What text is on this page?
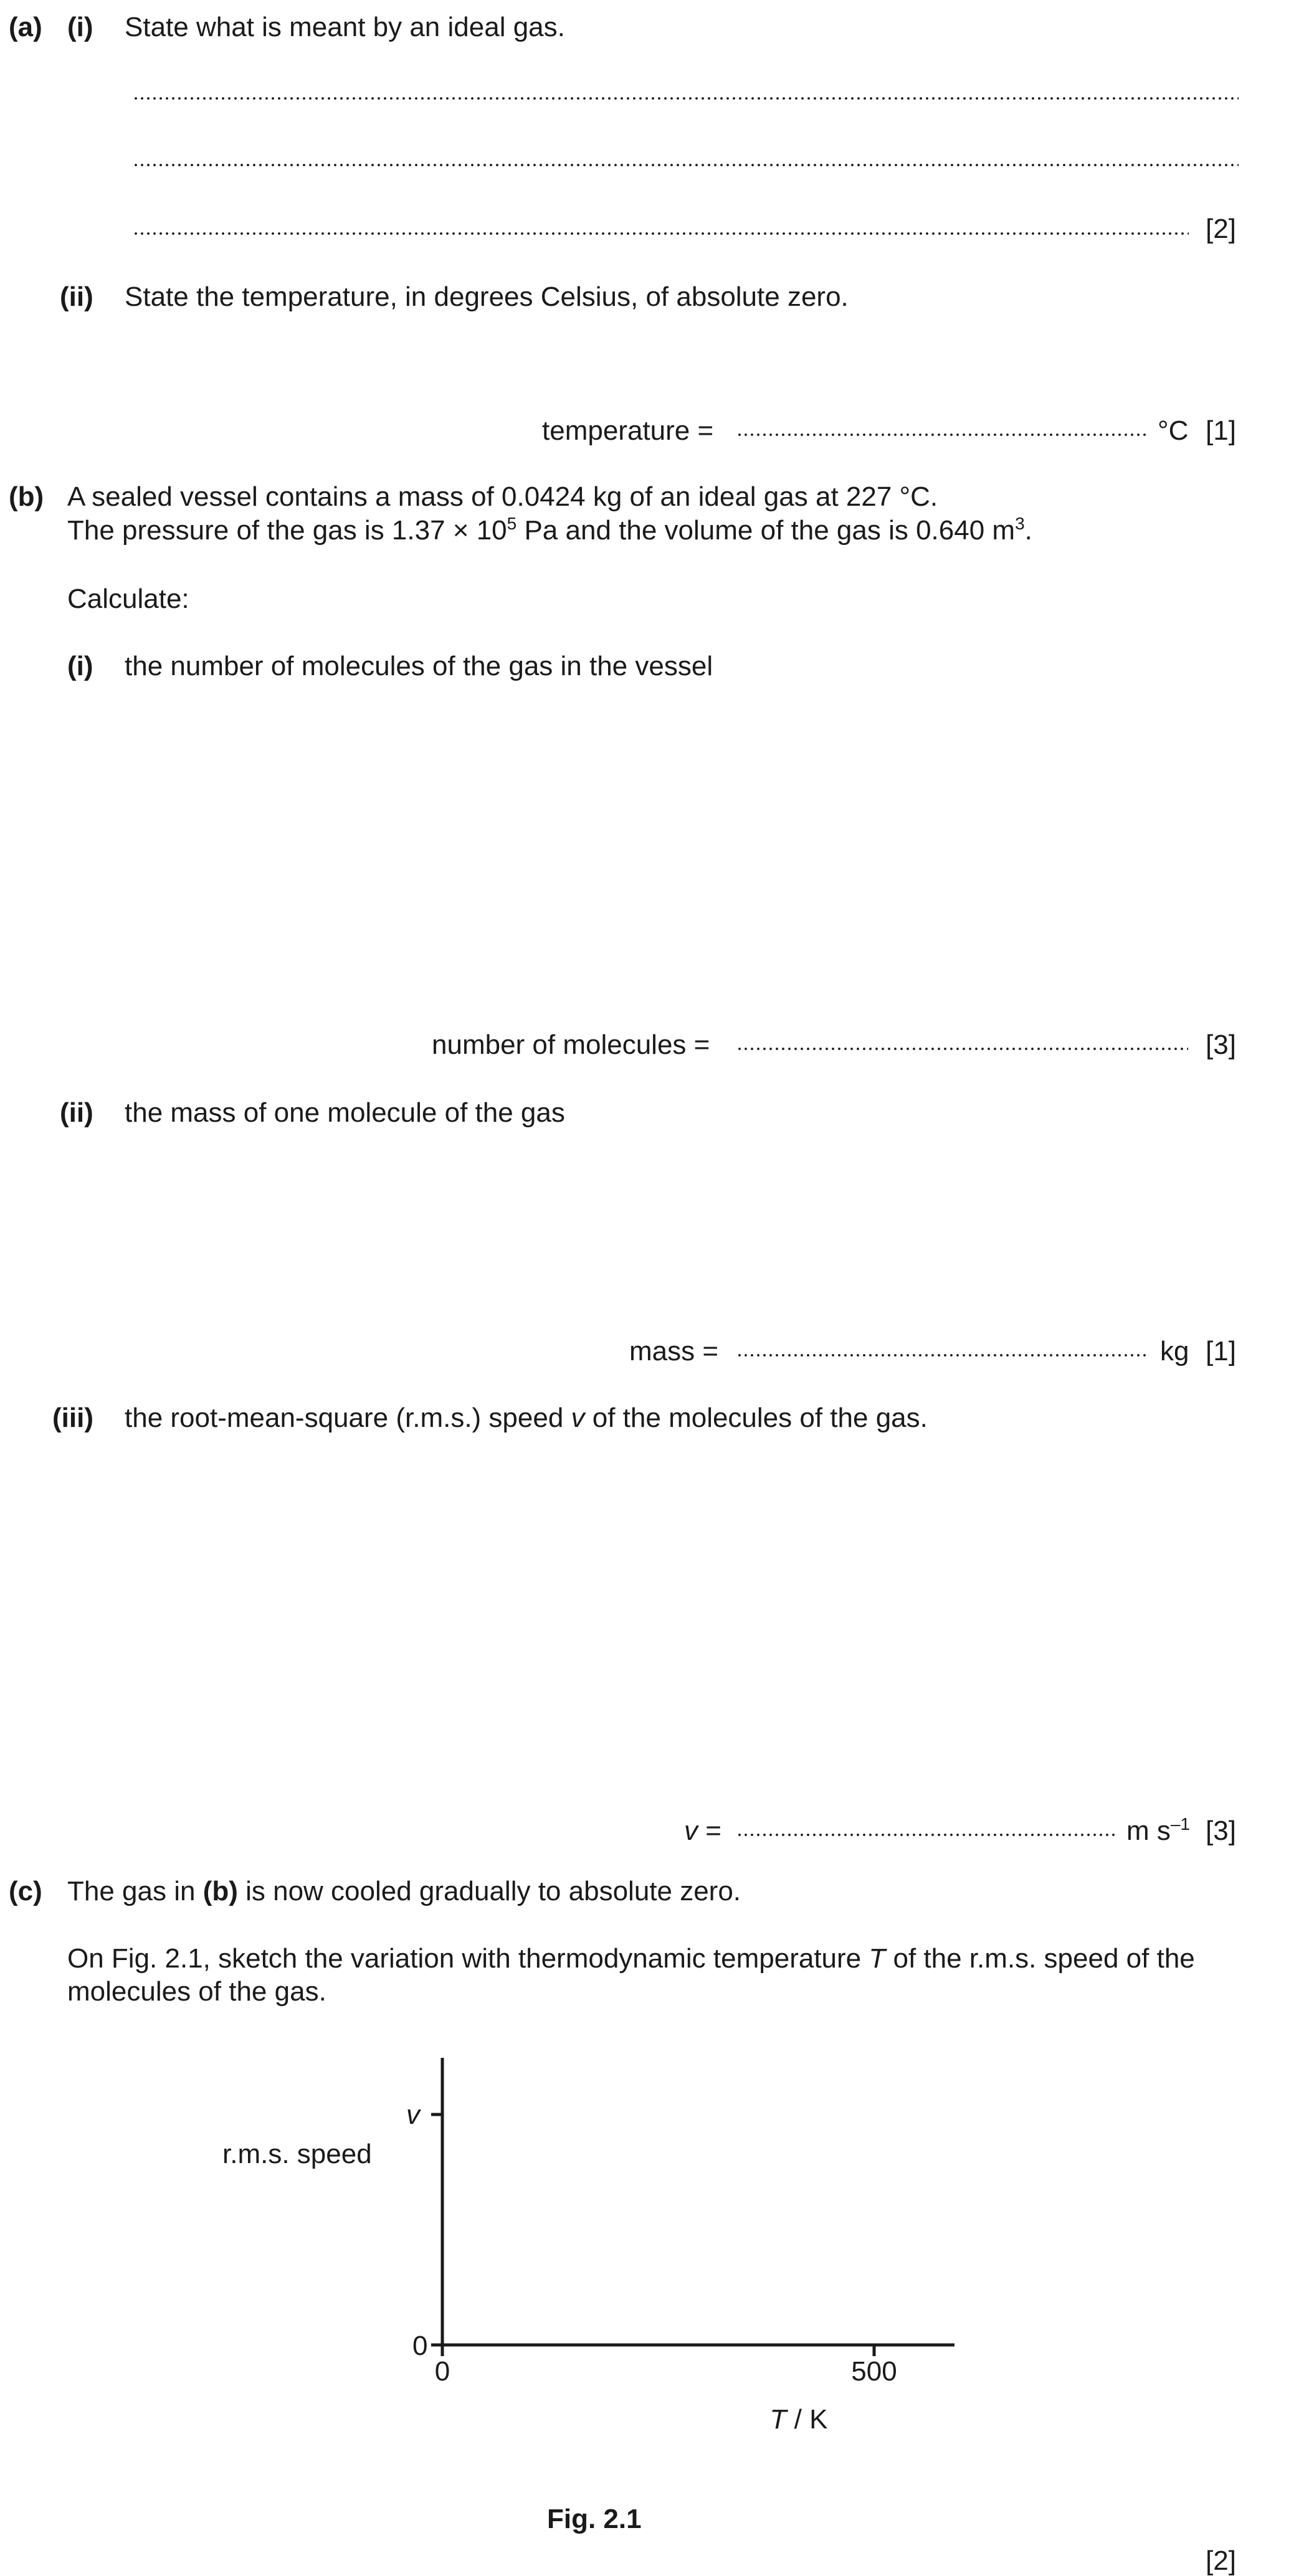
(a) (i) State what is meant by an ideal gas.
[2]
(ii) State the temperature, in degrees Celsius, of absolute zero.
temperature =	°C [1]
(b) A sealed vessel contains a mass of 0.0424 kg of an ideal gas at 227 °C.
The pressure of the gas is $1.37 \times 10^5$ Pa and the volume of the gas is 0.640 $m^3$.
Calculate:
(i) the number of molecules of the gas in the vessel
number of molecules =	[3]
(ii) the mass of one molecule of the gas
mass =	kg [1]
(iii) the root-mean-square (r.m.s.) speed v of the molecules of the gas.
v =	m $s^{-1}$ [3]
(c) The gas in (b) is now cooled gradually to absolute zero.
On Fig. 2.1, sketch the variation with thermodynamic temperature T of the r.m.s. speed of the
molecules of the gas.
r.m.s. speed
v
0
0	500
T / K
Fig. 2.1
[2]
